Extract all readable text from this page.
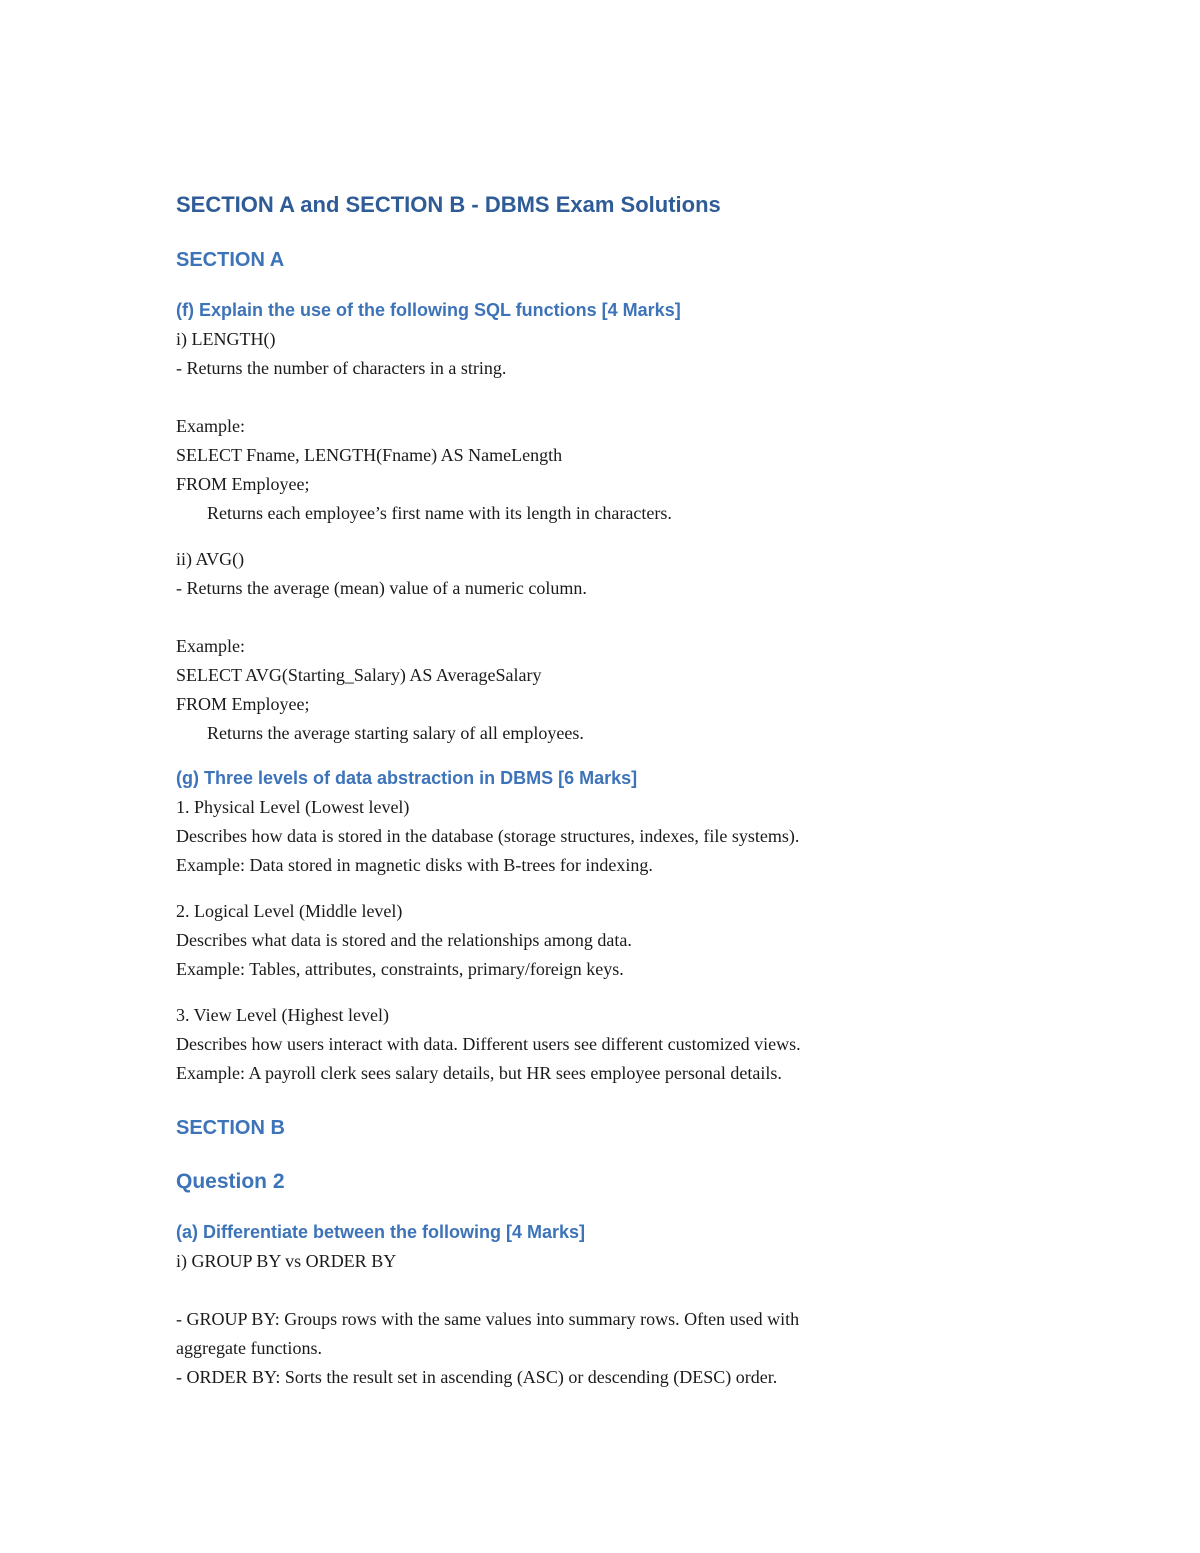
SECTION A and SECTION B - DBMS Exam Solutions
SECTION A
(f) Explain the use of the following SQL functions [4 Marks]
i) LENGTH()
- Returns the number of characters in a string.
Example:
SELECT Fname, LENGTH(Fname) AS NameLength
FROM Employee;
Returns each employee’s first name with its length in characters.
ii) AVG()
- Returns the average (mean) value of a numeric column.
Example:
SELECT AVG(Starting_Salary) AS AverageSalary
FROM Employee;
Returns the average starting salary of all employees.
(g) Three levels of data abstraction in DBMS [6 Marks]
1. Physical Level (Lowest level)
Describes how data is stored in the database (storage structures, indexes, file systems).
Example: Data stored in magnetic disks with B-trees for indexing.
2. Logical Level (Middle level)
Describes what data is stored and the relationships among data.
Example: Tables, attributes, constraints, primary/foreign keys.
3. View Level (Highest level)
Describes how users interact with data. Different users see different customized views.
Example: A payroll clerk sees salary details, but HR sees employee personal details.
SECTION B
Question 2
(a) Differentiate between the following [4 Marks]
i) GROUP BY vs ORDER BY
- GROUP BY: Groups rows with the same values into summary rows. Often used with
aggregate functions.
- ORDER BY: Sorts the result set in ascending (ASC) or descending (DESC) order.
